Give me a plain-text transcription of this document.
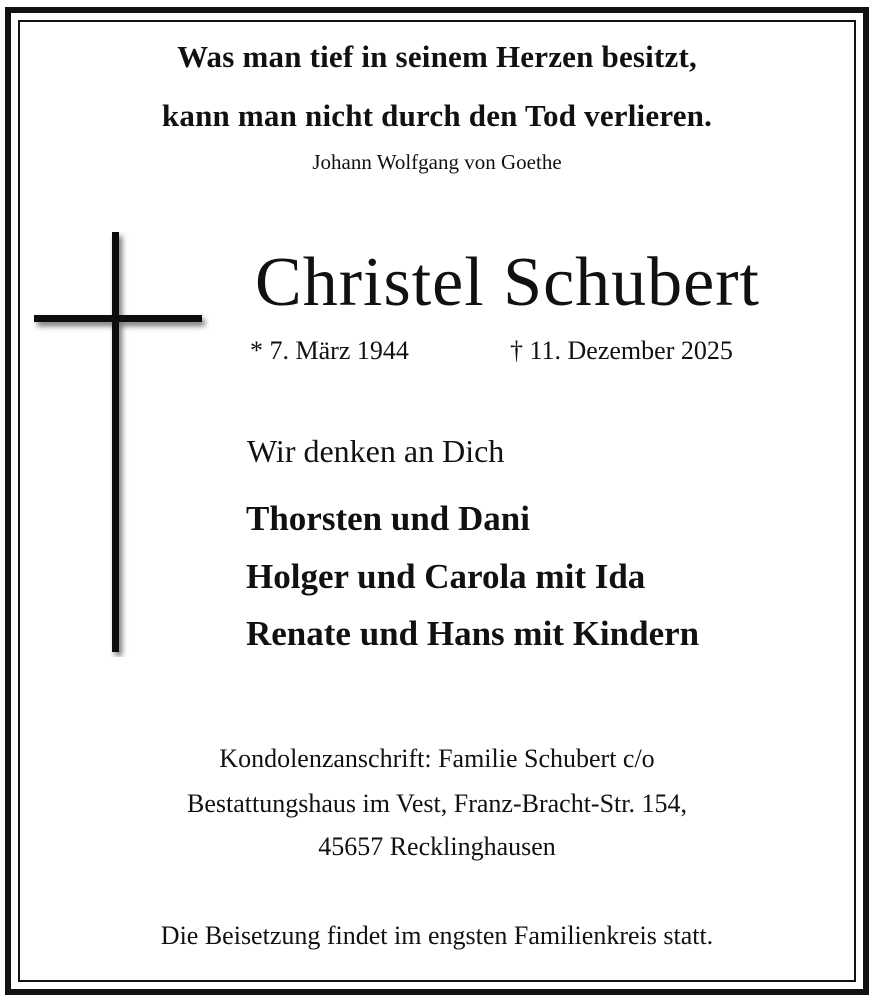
Was man tief in seinem Herzen besitzt,
kann man nicht durch den Tod verlieren.
Johann Wolfgang von Goethe
Christel Schubert
* 7. März 1944	† 11. Dezember 2025
Wir denken an Dich
Thorsten und Dani
Holger und Carola mit Ida
Renate und Hans mit Kindern
Kondolenzanschrift: Familie Schubert c/o
Bestattungshaus im Vest, Franz-Bracht-Str. 154,
45657 Recklinghausen
Die Beisetzung findet im engsten Familienkreis statt.
